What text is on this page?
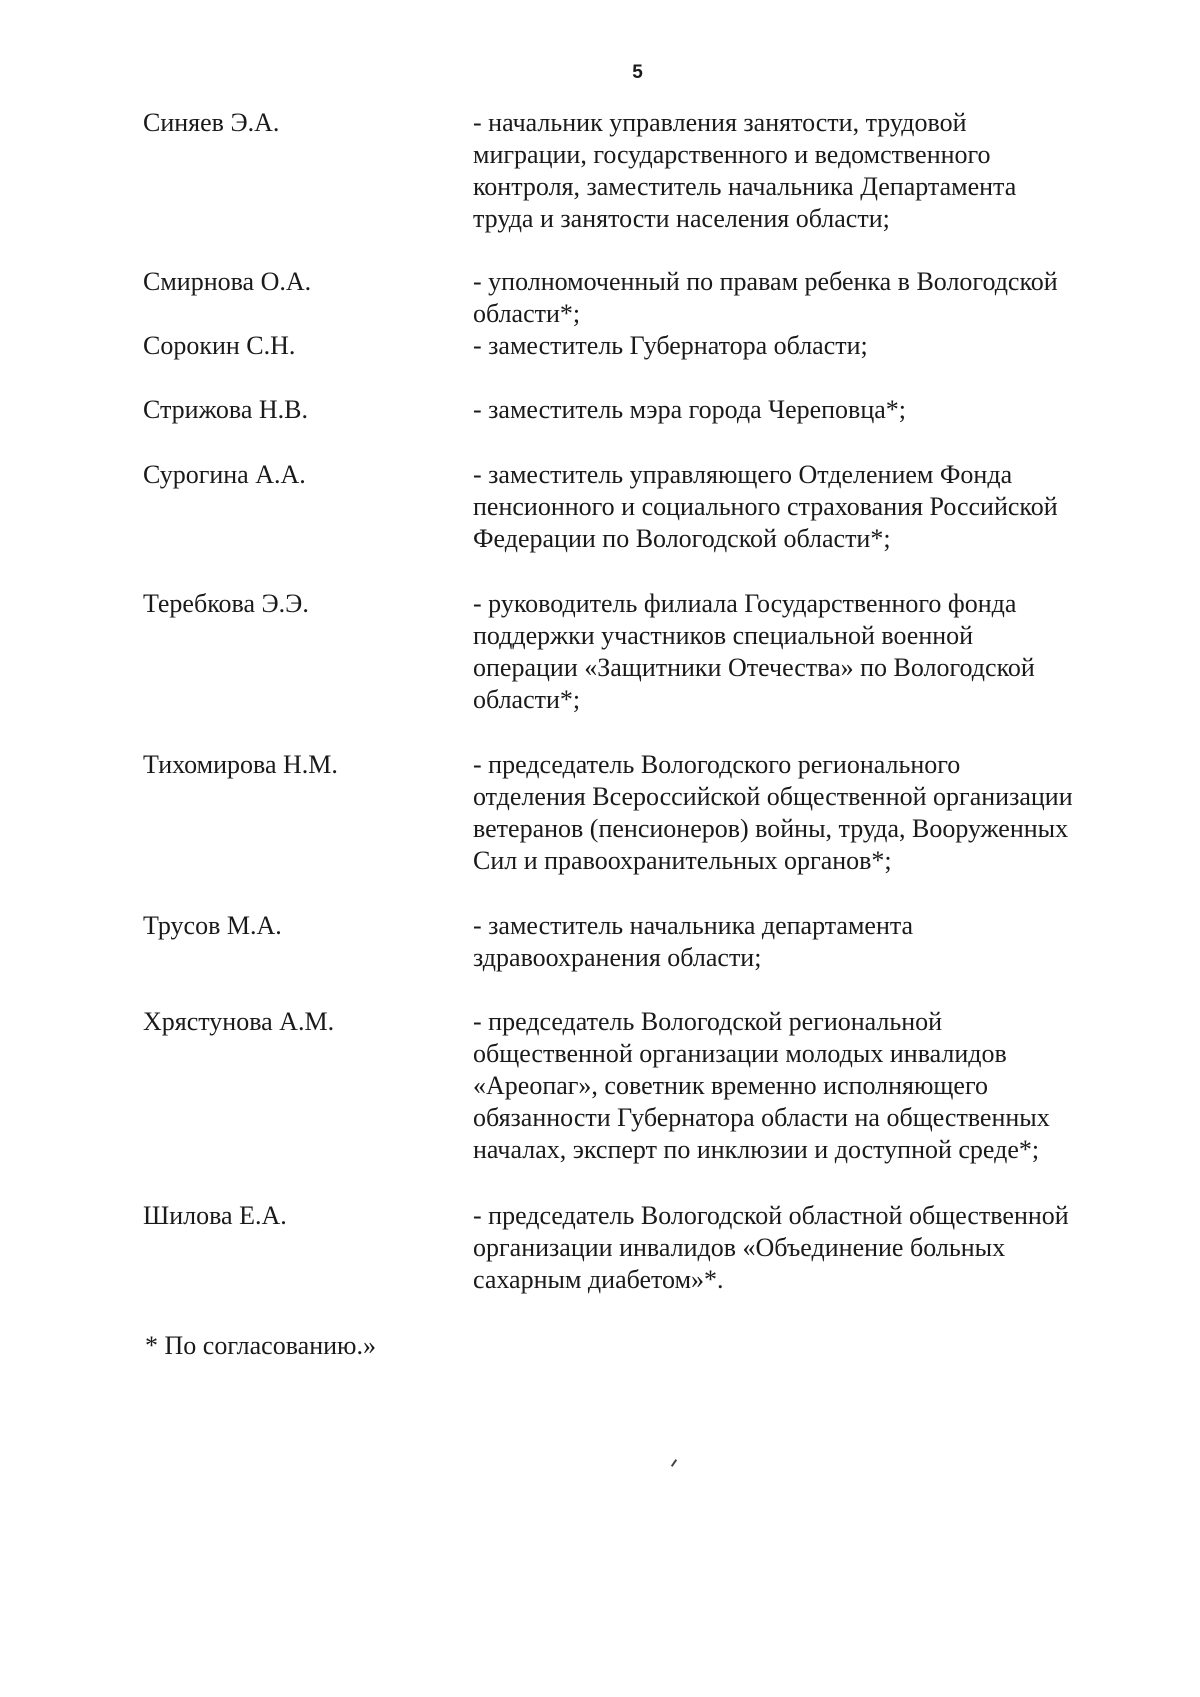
5
Синяев Э.А.	- начальник управления занятости, трудовой
миграции, государственного и ведомственного
контроля, заместитель начальника Департамента
труда и занятости населения области;
Смирнова О.А.	- уполномоченный по правам ребенка в Вологодской
области*;
Сорокин С.Н.	- заместитель Губернатора области;
Стрижова Н.В.	- заместитель мэра города Череповца*;
Сурогина А.А.	- заместитель управляющего Отделением Фонда
пенсионного и социального страхования Российской
Федерации по Вологодской области*;
Теребкова Э.Э.	- руководитель филиала Государственного фонда
поддержки участников специальной военной
операции «Защитники Отечества» по Вологодской
области*;
Тихомирова Н.М.	- председатель Вологодского регионального
отделения Всероссийской общественной организации
ветеранов (пенсионеров) войны, труда, Вооруженных
Сил и правоохранительных органов*;
Трусов М.А.	- заместитель начальника департамента
здравоохранения области;
Хрястунова А.М.	- председатель Вологодской региональной
общественной организации молодых инвалидов
«Ареопаг», советник временно исполняющего
обязанности Губернатора области на общественных
началах, эксперт по инклюзии и доступной среде*;
Шилова Е.А.	- председатель Вологодской областной общественной
организации инвалидов «Объединение больных
сахарным диабетом»*.
* По согласованию.»
